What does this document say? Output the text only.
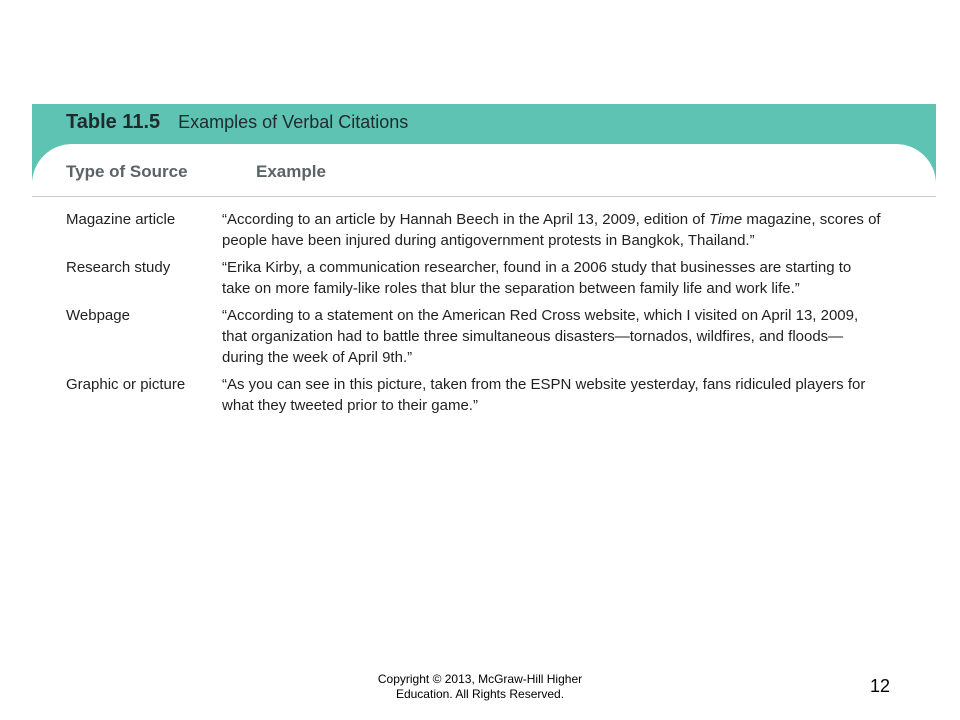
Table 11.5 Examples of Verbal Citations
Type of Source	Example
Magazine article	“According to an article by Hannah Beech in the April 13, 2009, edition of Time magazine, scores of people have been injured during antigovernment protests in Bangkok, Thailand.”
Research study	“Erika Kirby, a communication researcher, found in a 2006 study that businesses are starting to take on more family-like roles that blur the separation between family life and work life.”
Webpage	“According to a statement on the American Red Cross website, which I visited on April 13, 2009, that organization had to battle three simultaneous disasters—tornados, wildfires, and floods—during the week of April 9th.”
Graphic or picture	“As you can see in this picture, taken from the ESPN website yesterday, fans ridiculed players for what they tweeted prior to their game.”
Copyright © 2013, McGraw-Hill Higher
Education. All Rights Reserved.	12
